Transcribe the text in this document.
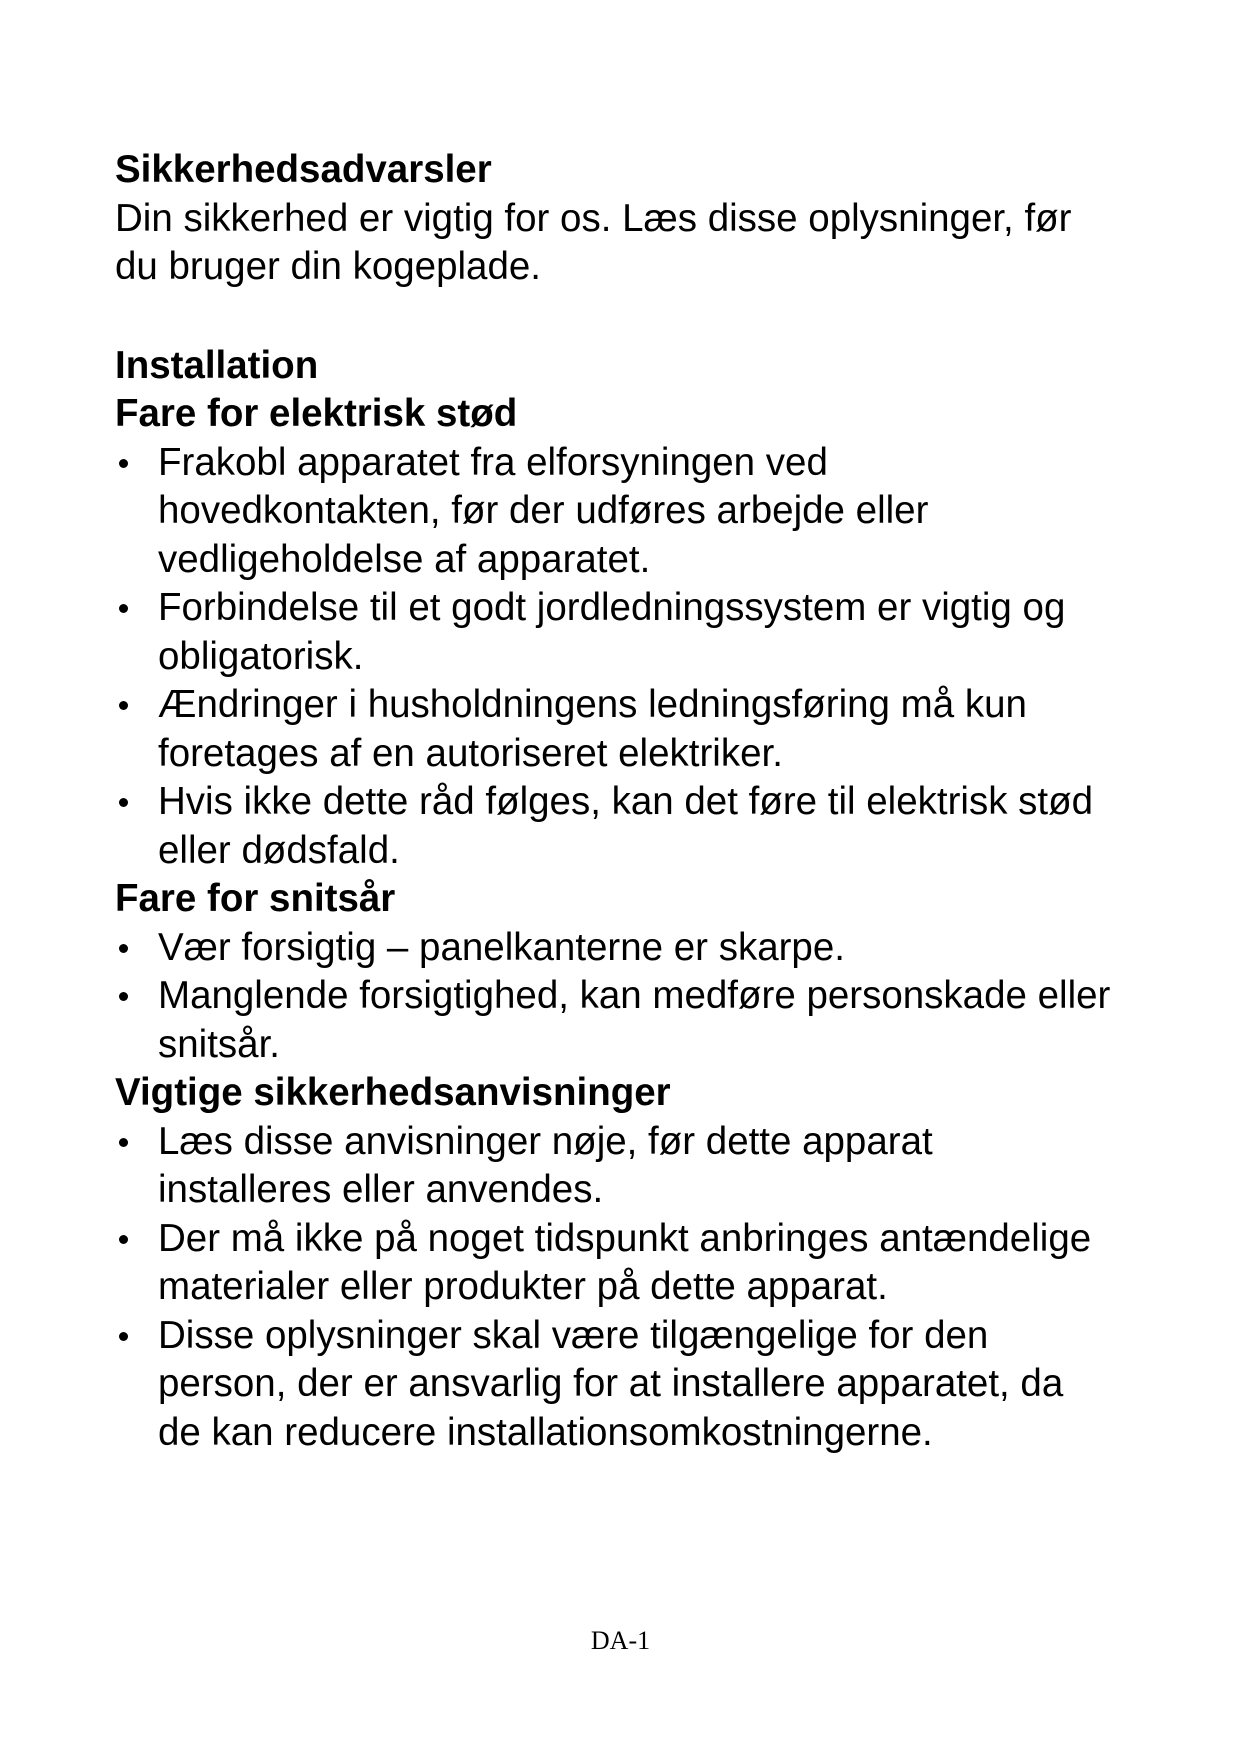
Sikkerhedsadvarsler

Din sikkerhed er vigtig for os. Læs disse oplysninger, før du bruger din kogeplade.

Installation

Fare for elektrisk stød

Frakobl apparatet fra elforsyningen ved hovedkontakten, før der udføres arbejde eller vedligeholdelse af apparatet.
Forbindelse til et godt jordledningssystem er vigtig og obligatorisk.
Ændringer i husholdningens ledningsføring må kun foretages af en autoriseret elektriker.
Hvis ikke dette råd følges, kan det føre til elektrisk stød eller dødsfald.

Fare for snitsår

Vær forsigtig – panelkanterne er skarpe.
Manglende forsigtighed, kan medføre personskade eller snitsår.

Vigtige sikkerhedsanvisninger

Læs disse anvisninger nøje, før dette apparat installeres eller anvendes.
Der må ikke på noget tidspunkt anbringes antændelige materialer eller produkter på dette apparat.
Disse oplysninger skal være tilgængelige for den person, der er ansvarlig for at installere apparatet, da de kan reducere installationsomkostningerne.
DA-1
